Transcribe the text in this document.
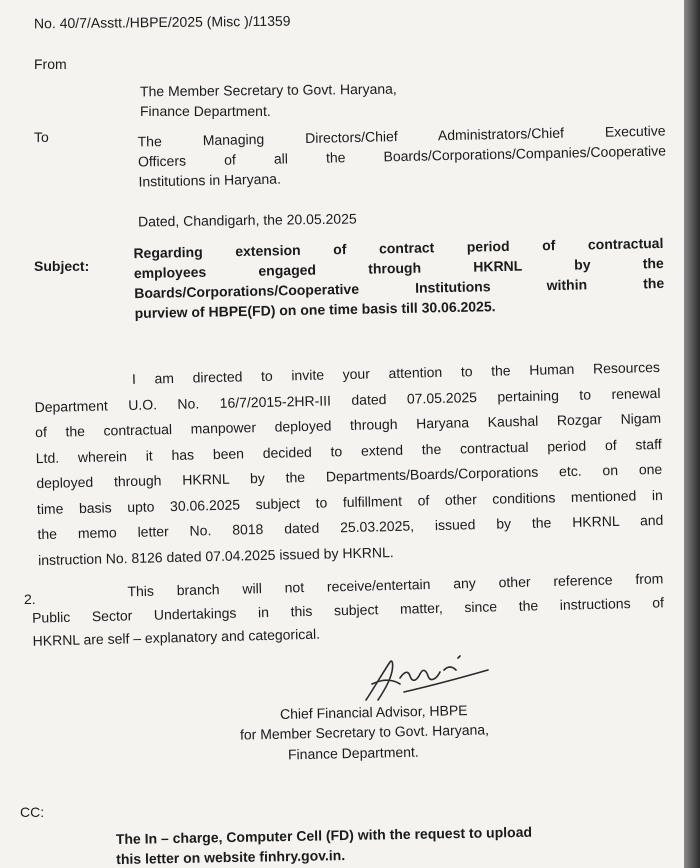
No. 40/7/Asstt./HBPE/2025 (Misc )/11359
From
The Member Secretary to Govt. Haryana,
Finance Department.
To	The Managing Directors/Chief Administrators/Chief Executive
Officers of all the Boards/Corporations/Companies/Cooperative
Institutions in Haryana.
Dated, Chandigarh, the 20.05.2025
Subject:
Regarding extension of contract period of contractual
employees engaged through HKRNL by the
Boards/Corporations/Cooperative Institutions within the
purview of HBPE(FD) on one time basis till 30.06.2025.
I am directed to invite your attention to the Human Resources
Department U.O. No. 16/7/2015-2HR-III dated 07.05.2025 pertaining to renewal
of the contractual manpower deployed through Haryana Kaushal Rozgar Nigam
Ltd. wherein it has been decided to extend the contractual period of staff
deployed through HKRNL by the Departments/Boards/Corporations etc. on one
time basis upto 30.06.2025 subject to fulfillment of other conditions mentioned in
the memo letter No. 8018 dated 25.03.2025, issued by the HKRNL and
instruction No. 8126 dated 07.04.2025 issued by HKRNL.
2.	This branch will not receive/entertain any other reference from
Public Sector Undertakings in this subject matter, since the instructions of
HKRNL are self – explanatory and categorical.
Chief Financial Advisor, HBPE
for Member Secretary to Govt. Haryana,
Finance Department.
CC:
The In – charge, Computer Cell (FD) with the request to upload
this letter on website finhry.gov.in.
